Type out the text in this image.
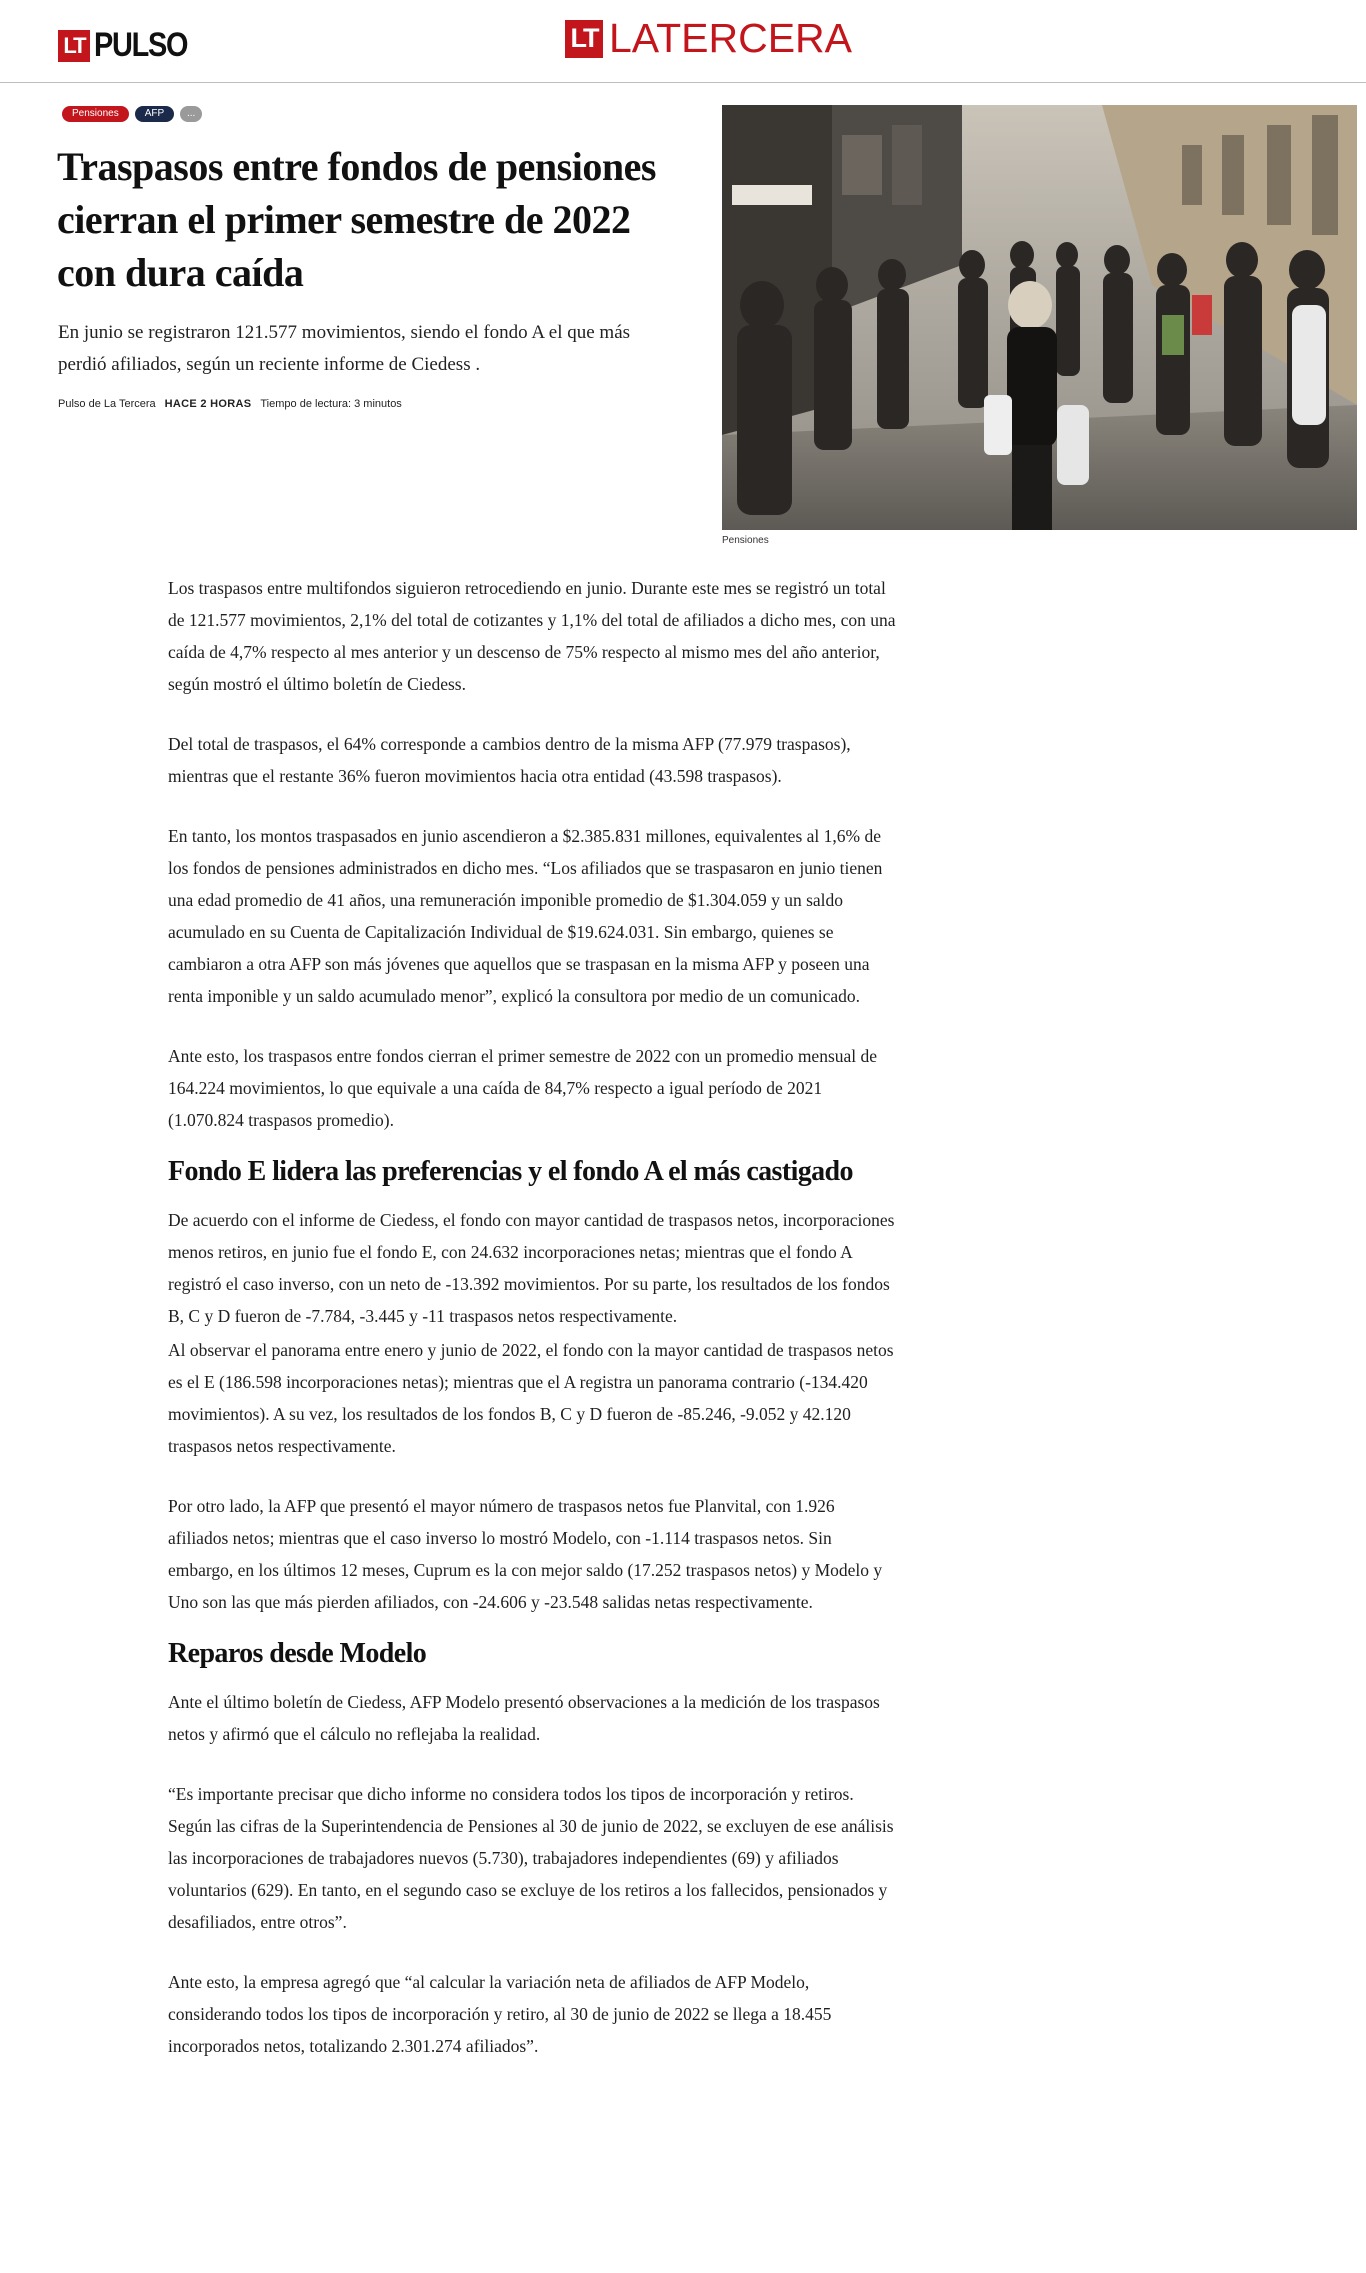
LT PULSO	LT LATERCERA
Pensiones	AFP	...
Traspasos entre fondos de pensiones cierran el primer semestre de 2022 con dura caída

En junio se registraron 121.577 movimientos, siendo el fondo A el que más perdió afiliados, según un reciente informe de Ciedess .

Pulso de La Tercera HACE 2 HORAS Tiempo de lectura: 3 minutos
Pensiones

Los traspasos entre multifondos siguieron retrocediendo en junio. Durante este mes se registró un total de 121.577 movimientos, 2,1% del total de cotizantes y 1,1% del total de afiliados a dicho mes, con una caída de 4,7% respecto al mes anterior y un descenso de 75% respecto al mismo mes del año anterior, según mostró el último boletín de Ciedess.

Del total de traspasos, el 64% corresponde a cambios dentro de la misma AFP (77.979 traspasos), mientras que el restante 36% fueron movimientos hacia otra entidad (43.598 traspasos).

En tanto, los montos traspasados en junio ascendieron a $2.385.831 millones, equivalentes al 1,6% de los fondos de pensiones administrados en dicho mes. “Los afiliados que se traspasaron en junio tienen una edad promedio de 41 años, una remuneración imponible promedio de $1.304.059 y un saldo acumulado en su Cuenta de Capitalización Individual de $19.624.031. Sin embargo, quienes se cambiaron a otra AFP son más jóvenes que aquellos que se traspasan en la misma AFP y poseen una renta imponible y un saldo acumulado menor”, explicó la consultora por medio de un comunicado.

Ante esto, los traspasos entre fondos cierran el primer semestre de 2022 con un promedio mensual de 164.224 movimientos, lo que equivale a una caída de 84,7% respecto a igual período de 2021 (1.070.824 traspasos promedio).

Fondo E lidera las preferencias y el fondo A el más castigado

De acuerdo con el informe de Ciedess, el fondo con mayor cantidad de traspasos netos, incorporaciones menos retiros, en junio fue el fondo E, con 24.632 incorporaciones netas; mientras que el fondo A registró el caso inverso, con un neto de -13.392 movimientos. Por su parte, los resultados de los fondos B, C y D fueron de -7.784, -3.445 y -11 traspasos netos respectivamente.

Al observar el panorama entre enero y junio de 2022, el fondo con la mayor cantidad de traspasos netos es el E (186.598 incorporaciones netas); mientras que el A registra un panorama contrario (-134.420 movimientos). A su vez, los resultados de los fondos B, C y D fueron de -85.246, -9.052 y 42.120 traspasos netos respectivamente.

Por otro lado, la AFP que presentó el mayor número de traspasos netos fue Planvital, con 1.926 afiliados netos; mientras que el caso inverso lo mostró Modelo, con -1.114 traspasos netos. Sin embargo, en los últimos 12 meses, Cuprum es la con mejor saldo (17.252 traspasos netos) y Modelo y Uno son las que más pierden afiliados, con -24.606 y -23.548 salidas netas respectivamente.

Reparos desde Modelo

Ante el último boletín de Ciedess, AFP Modelo presentó observaciones a la medición de los traspasos netos y afirmó que el cálculo no reflejaba la realidad.

“Es importante precisar que dicho informe no considera todos los tipos de incorporación y retiros. Según las cifras de la Superintendencia de Pensiones al 30 de junio de 2022, se excluyen de ese análisis las incorporaciones de trabajadores nuevos (5.730), trabajadores independientes (69) y afiliados voluntarios (629). En tanto, en el segundo caso se excluye de los retiros a los fallecidos, pensionados y desafiliados, entre otros”.

Ante esto, la empresa agregó que “al calcular la variación neta de afiliados de AFP Modelo, considerando todos los tipos de incorporación y retiro, al 30 de junio de 2022 se llega a 18.455 incorporados netos, totalizando 2.301.274 afiliados”.
